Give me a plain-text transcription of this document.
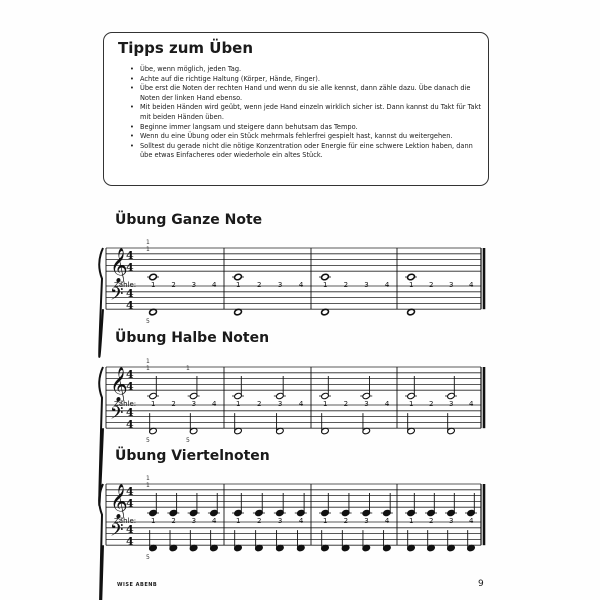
Tipps zum Üben
• Übe, wenn möglich, jeden Tag.
• Achte auf die richtige Haltung (Körper, Hände, Finger).
• Übe erst die Noten der rechten Hand und wenn du sie alle kennst, dann zähle dazu. Übe danach die Noten der linken Hand ebenso.
• Mit beiden Händen wird geübt, wenn jede Hand einzeln wirklich sicher ist. Dann kannst du Takt für Takt mit beiden Händen üben.
• Beginne immer langsam und steigere dann behutsam das Tempo.
• Wenn du eine Übung oder ein Stück mehrmals fehlerfrei gespielt hast, kannst du weitergehen.
• Solltest du gerade nicht die nötige Konzentration oder Energie für eine schwere Lektion haben, dann übe etwas Einfacheres oder wiederhole ein altes Stück.
Übung Ganze Note
Übung Halbe Noten
Übung Viertelnoten
𝄞
𝄢
4
4
4
4
1
Zähle: 1 2 3 4	1 2 3 4	1 2 3 4	1 2 3 4
1
5
𝄞
𝄢
4
4
4
4
1
Zähle: 1 2 3 4	1 2 3 4	1 2 3 4	1 2 3 4
1	1
5	5
𝄞
𝄢
4
4
4
4
1
Zähle: 1 2 3 4	1 2 3 4	1 2 3 4	1 2 3 4
1
5
WISE ABENB	9
